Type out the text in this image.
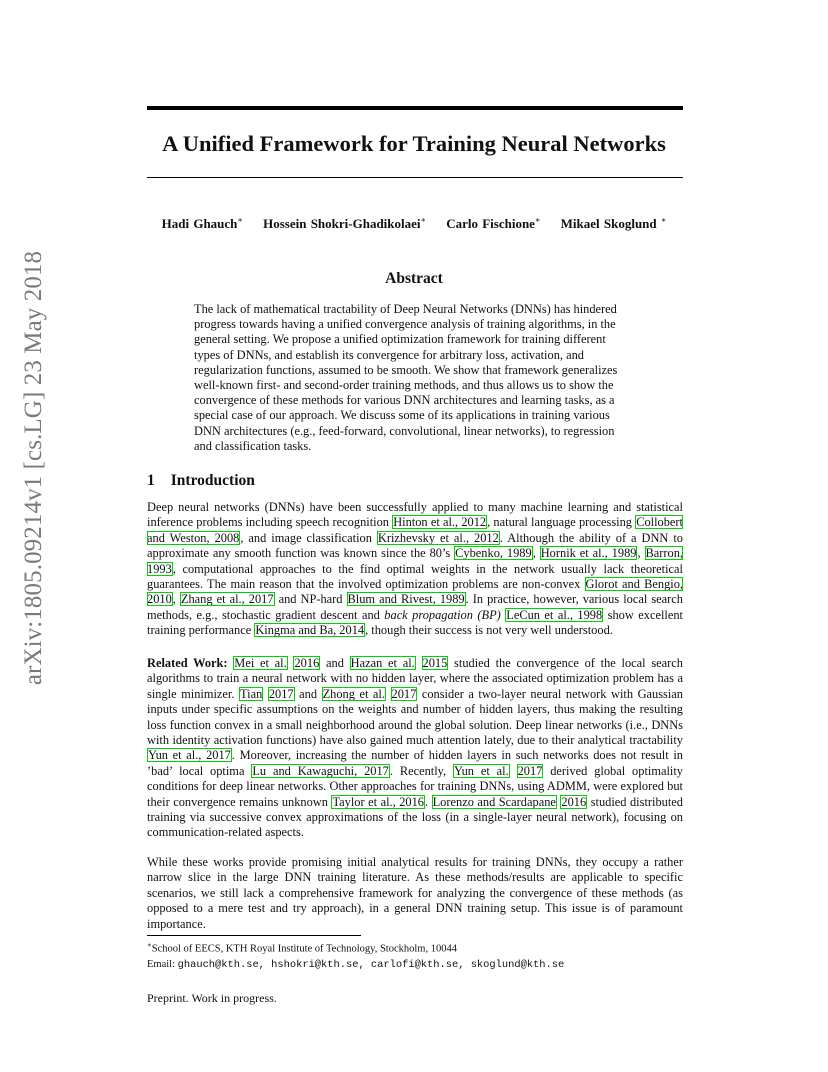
arXiv:1805.09214v1 [cs.LG] 23 May 2018
A Unified Framework for Training Neural Networks
Hadi Ghauch∗ Hossein Shokri-Ghadikolaei∗ Carlo Fischione∗ Mikael Skoglund ∗
Abstract
The lack of mathematical tractability of Deep Neural Networks (DNNs) has hindered progress towards having a unified convergence analysis of training algorithms, in the general setting. We propose a unified optimization framework for training different types of DNNs, and establish its convergence for arbitrary loss, activation, and regularization functions, assumed to be smooth. We show that framework generalizes well-known first- and second-order training methods, and thus allows us to show the convergence of these methods for various DNN architectures and learning tasks, as a special case of our approach. We discuss some of its applications in training various DNN architectures (e.g., feed-forward, convolutional, linear networks), to regression and classification tasks.
1 Introduction
Deep neural networks (DNNs) have been successfully applied to many machine learning and statistical inference problems including speech recognition Hinton et al., 2012, natural language processing Collobert and Weston, 2008, and image classification Krizhevsky et al., 2012. Although the ability of a DNN to approximate any smooth function was known since the 80’s Cybenko, 1989, Hornik et al., 1989, Barron, 1993, computational approaches to the find optimal weights in the network usually lack theoretical guarantees. The main reason that the involved optimization problems are non-convex Glorot and Bengio, 2010, Zhang et al., 2017 and NP-hard Blum and Rivest, 1989. In practice, however, various local search methods, e.g., stochastic gradient descent and back propagation (BP) LeCun et al., 1998 show excellent training performance Kingma and Ba, 2014, though their success is not very well understood.
Related Work: Mei et al. 2016 and Hazan et al. 2015 studied the convergence of the local search algorithms to train a neural network with no hidden layer, where the associated optimization problem has a single minimizer. Tian 2017 and Zhong et al. 2017 consider a two-layer neural network with Gaussian inputs under specific assumptions on the weights and number of hidden layers, thus making the resulting loss function convex in a small neighborhood around the global solution. Deep linear networks (i.e., DNNs with identity activation functions) have also gained much attention lately, due to their analytical tractability Yun et al., 2017. Moreover, increasing the number of hidden layers in such networks does not result in ’bad’ local optima Lu and Kawaguchi, 2017. Recently, Yun et al. 2017 derived global optimality conditions for deep linear networks. Other approaches for training DNNs, using ADMM, were explored but their convergence remains unknown Taylor et al., 2016. Lorenzo and Scardapane 2016 studied distributed training via successive convex approximations of the loss (in a single-layer neural network), focusing on communication-related aspects.
While these works provide promising initial analytical results for training DNNs, they occupy a rather narrow slice in the large DNN training literature. As these methods/results are applicable to specific scenarios, we still lack a comprehensive framework for analyzing the convergence of these methods (as opposed to a mere test and try approach), in a general DNN training setup. This issue is of paramount importance.
∗School of EECS, KTH Royal Institute of Technology, Stockholm, 10044
Email: ghauch@kth.se, hshokri@kth.se, carlofi@kth.se, skoglund@kth.se
Preprint. Work in progress.
